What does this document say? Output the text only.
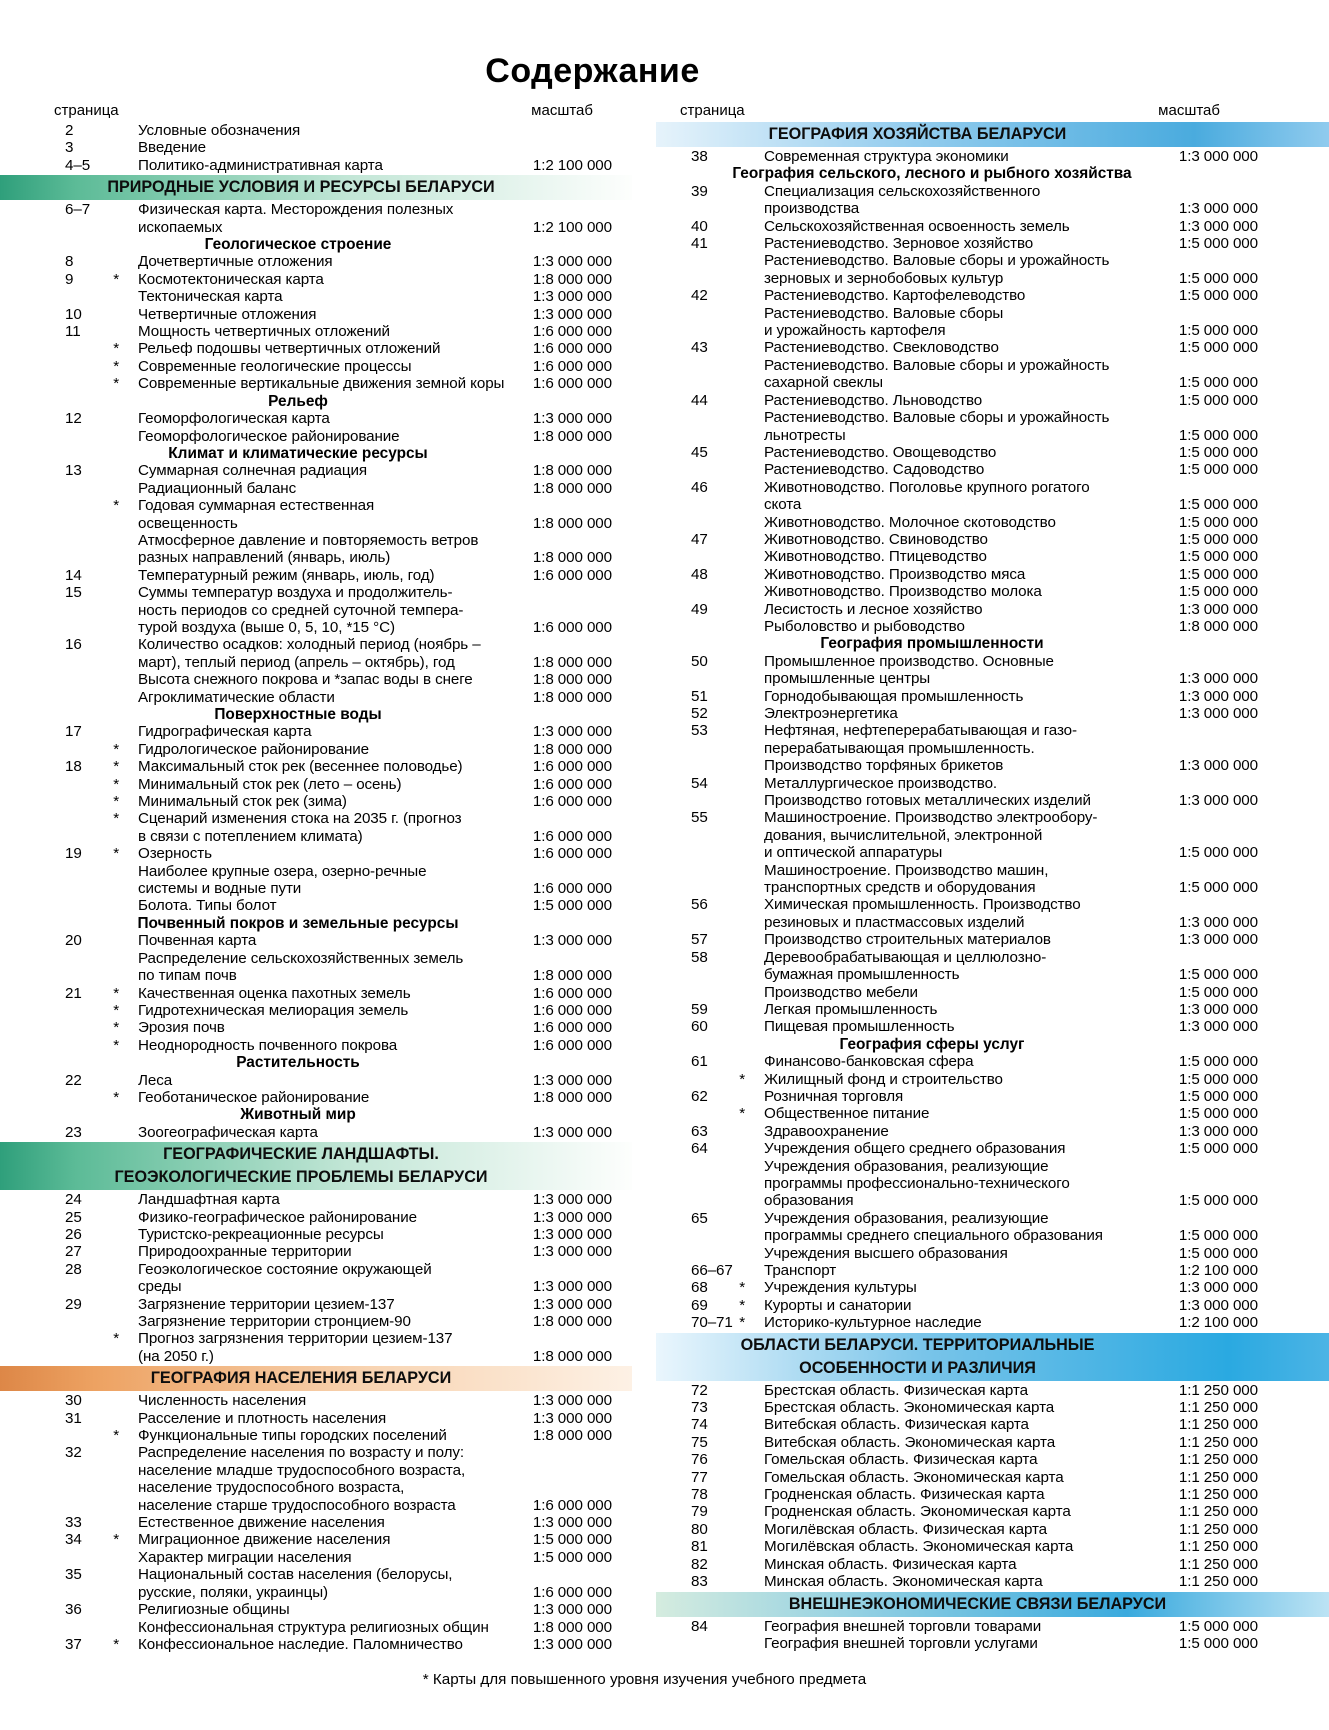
Содержание
страница	масштаб
2	Условные обозначения
3	Введение
4–5	Политико-административная карта	1:2 100 000
ПРИРОДНЫЕ УСЛОВИЯ И РЕСУРСЫ БЕЛАРУСИ
6–7	Физическая карта. Месторождения полезных
ископаемых	1:2 100 000
Геологическое строение
8	Дочетвертичные отложения	1:3 000 000
9	*	Космотектоническая карта	1:8 000 000
Тектоническая карта	1:3 000 000
10	Четвертичные отложения	1:3 000 000
11	Мощность четвертичных отложений	1:6 000 000
*	Рельеф подошвы четвертичных отложений	1:6 000 000
*	Современные геологические процессы	1:6 000 000
*	Современные вертикальные движения земной коры	1:6 000 000
Рельеф
12	Геоморфологическая карта	1:3 000 000
Геоморфологическое районирование	1:8 000 000
Климат и климатические ресурсы
13	Суммарная солнечная радиация	1:8 000 000
Радиационный баланс	1:8 000 000
*	Годовая суммарная естественная
освещенность	1:8 000 000
Атмосферное давление и повторяемость ветров
разных направлений (январь, июль)	1:8 000 000
14	Температурный режим (январь, июль, год)	1:6 000 000
15	Суммы температур воздуха и продолжитель-
ность периодов со средней суточной темпера-
турой воздуха (выше 0, 5, 10, *15 °С)	1:6 000 000
16	Количество осадков: холодный период (ноябрь –
март), теплый период (апрель – октябрь), год	1:8 000 000
Высота снежного покрова и *запас воды в снеге	1:8 000 000
Агроклиматические области	1:8 000 000
Поверхностные воды
17	Гидрографическая карта	1:3 000 000
*	Гидрологическое районирование	1:8 000 000
18	*	Максимальный сток рек (весеннее половодье)	1:6 000 000
*	Минимальный сток рек (лето – осень)	1:6 000 000
*	Минимальный сток рек (зима)	1:6 000 000
*	Сценарий изменения стока на 2035 г. (прогноз
в связи с потеплением климата)	1:6 000 000
19	*	Озерность	1:6 000 000
Наиболее крупные озера, озерно-речные
системы и водные пути	1:6 000 000
Болота. Типы болот	1:5 000 000
Почвенный покров и земельные ресурсы
20	Почвенная карта	1:3 000 000
Распределение сельскохозяйственных земель
по типам почв	1:8 000 000
21	*	Качественная оценка пахотных земель	1:6 000 000
*	Гидротехническая мелиорация земель	1:6 000 000
*	Эрозия почв	1:6 000 000
*	Неоднородность почвенного покрова	1:6 000 000
Растительность
22	Леса	1:3 000 000
*	Геоботаническое районирование	1:8 000 000
Животный мир
23	Зоогеографическая карта	1:3 000 000
ГЕОГРАФИЧЕСКИЕ ЛАНДШАФТЫ.
ГЕОЭКОЛОГИЧЕСКИЕ ПРОБЛЕМЫ БЕЛАРУСИ
24	Ландшафтная карта	1:3 000 000
25	Физико-географическое районирование	1:3 000 000
26	Туристско-рекреационные ресурсы	1:3 000 000
27	Природоохранные территории	1:3 000 000
28	Геоэкологическое состояние окружающей
среды	1:3 000 000
29	Загрязнение территории цезием-137	1:3 000 000
Загрязнение территории стронцием-90	1:8 000 000
*	Прогноз загрязнения территории цезием-137
(на 2050 г.)	1:8 000 000
ГЕОГРАФИЯ НАСЕЛЕНИЯ БЕЛАРУСИ
30	Численность населения	1:3 000 000
31	Расселение и плотность населения	1:3 000 000
*	Функциональные типы городских поселений	1:8 000 000
32	Распределение населения по возрасту и полу:
население младше трудоспособного возраста,
население трудоспособного возраста,
население старше трудоспособного возраста	1:6 000 000
33	Естественное движение населения	1:3 000 000
34	*	Миграционное движение населения	1:5 000 000
Характер миграции населения	1:5 000 000
35	Национальный состав населения (белорусы,
русские, поляки, украинцы)	1:6 000 000
36	Религиозные общины	1:3 000 000
Конфессиональная структура религиозных общин	1:8 000 000
37	*	Конфессиональное наследие. Паломничество	1:3 000 000
страница	масштаб
ГЕОГРАФИЯ ХОЗЯЙСТВА БЕЛАРУСИ
38	Современная структура экономики	1:3 000 000
География сельского, лесного и рыбного хозяйства
39	Специализация сельскохозяйственного
производства	1:3 000 000
40	Сельскохозяйственная освоенность земель	1:3 000 000
41	Растениеводство. Зерновое хозяйство	1:5 000 000
Растениеводство. Валовые сборы и урожайность
зерновых и зернобобовых культур	1:5 000 000
42	Растениеводство. Картофелеводство	1:5 000 000
Растениеводство. Валовые сборы
и урожайность картофеля	1:5 000 000
43	Растениеводство. Свекловодство	1:5 000 000
Растениеводство. Валовые сборы и урожайность
сахарной свеклы	1:5 000 000
44	Растениеводство. Льноводство	1:5 000 000
Растениеводство. Валовые сборы и урожайность
льнотресты	1:5 000 000
45	Растениеводство. Овощеводство	1:5 000 000
Растениеводство. Садоводство	1:5 000 000
46	Животноводство. Поголовье крупного рогатого
скота	1:5 000 000
Животноводство. Молочное скотоводство	1:5 000 000
47	Животноводство. Свиноводство	1:5 000 000
Животноводство. Птицеводство	1:5 000 000
48	Животноводство. Производство мяса	1:5 000 000
Животноводство. Производство молока	1:5 000 000
49	Лесистость и лесное хозяйство	1:3 000 000
Рыболовство и рыбоводство	1:8 000 000
География промышленности
50	Промышленное производство. Основные
промышленные центры	1:3 000 000
51	Горнодобывающая промышленность	1:3 000 000
52	Электроэнергетика	1:3 000 000
53	Нефтяная, нефтеперерабатывающая и газо-
перерабатывающая промышленность.
Производство торфяных брикетов	1:3 000 000
54	Металлургическое производство.
Производство готовых металлических изделий	1:3 000 000
55	Машиностроение. Производство электрообору-
дования, вычислительной, электронной
и оптической аппаратуры	1:5 000 000
Машиностроение. Производство машин,
транспортных средств и оборудования	1:5 000 000
56	Химическая промышленность. Производство
резиновых и пластмассовых изделий	1:3 000 000
57	Производство строительных материалов	1:3 000 000
58	Деревообрабатывающая и целлюлозно-
бумажная промышленность	1:5 000 000
Производство мебели	1:5 000 000
59	Легкая промышленность	1:3 000 000
60	Пищевая промышленность	1:3 000 000
География сферы услуг
61	Финансово-банковская сфера	1:5 000 000
*	Жилищный фонд и строительство	1:5 000 000
62	Розничная торговля	1:5 000 000
*	Общественное питание	1:5 000 000
63	Здравоохранение	1:3 000 000
64	Учреждения общего среднего образования	1:5 000 000
Учреждения образования, реализующие
программы профессионально-технического
образования	1:5 000 000
65	Учреждения образования, реализующие
программы среднего специального образования	1:5 000 000
Учреждения высшего образования	1:5 000 000
66–67	Транспорт	1:2 100 000
68	*	Учреждения культуры	1:3 000 000
69	*	Курорты и санатории	1:3 000 000
70–71 *	Историко-культурное наследие	1:2 100 000
ОБЛАСТИ БЕЛАРУСИ. ТЕРРИТОРИАЛЬНЫЕ
ОСОБЕННОСТИ И РАЗЛИЧИЯ
72	Брестская область. Физическая карта	1:1 250 000
73	Брестская область. Экономическая карта	1:1 250 000
74	Витебская область. Физическая карта	1:1 250 000
75	Витебская область. Экономическая карта	1:1 250 000
76	Гомельская область. Физическая карта	1:1 250 000
77	Гомельская область. Экономическая карта	1:1 250 000
78	Гродненская область. Физическая карта	1:1 250 000
79	Гродненская область. Экономическая карта	1:1 250 000
80	Могилёвская область. Физическая карта	1:1 250 000
81	Могилёвская область. Экономическая карта	1:1 250 000
82	Минская область. Физическая карта	1:1 250 000
83	Минская область. Экономическая карта	1:1 250 000
ВНЕШНЕЭКОНОМИЧЕСКИЕ СВЯЗИ БЕЛАРУСИ
84	География внешней торговли товарами	1:5 000 000
География внешней торговли услугами	1:5 000 000
* Карты для повышенного уровня изучения учебного предмета
